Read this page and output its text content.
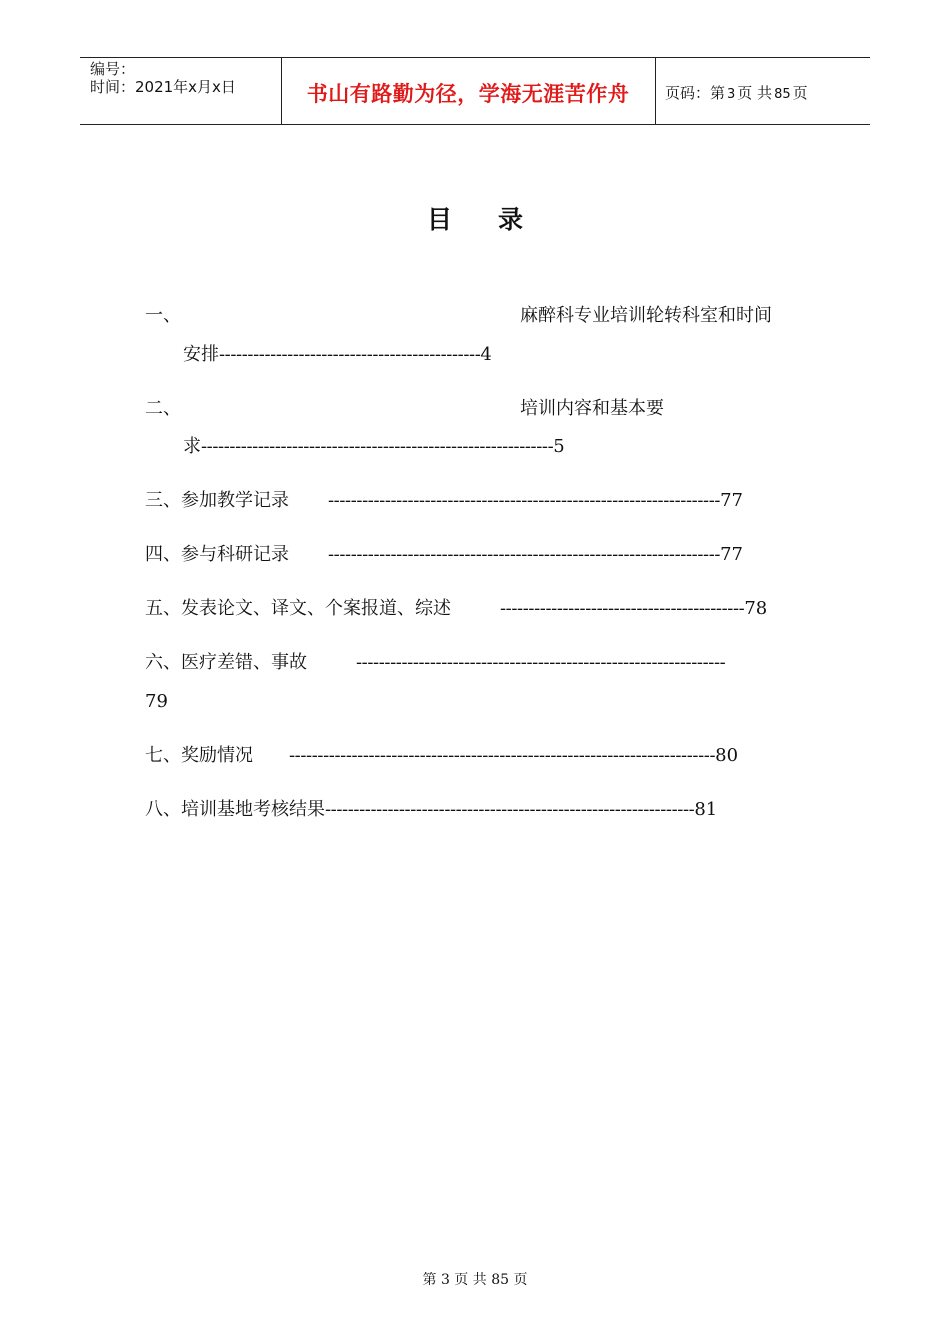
编号：
时间：2021年x月x日	书山有路勤为径，学海无涯苦作舟	页码：第 3 页 共 85 页
目 录
一、	麻醉科专业培训轮转科室和时间
安排----------------------------------------------4
二、	培训内容和基本要
求--------------------------------------------------------------5
三、参加教学记录 ---------------------------------------------------------------------77
四、参与科研记录 ---------------------------------------------------------------------77
五、发表论文、译文、个案报道、综述	-------------------------------------------78
六、医疗差错、事故	-----------------------------------------------------------------
79
七、奖励情况 ---------------------------------------------------------------------------80
八、培训基地考核结果-----------------------------------------------------------------81
第 3 页 共 85 页
